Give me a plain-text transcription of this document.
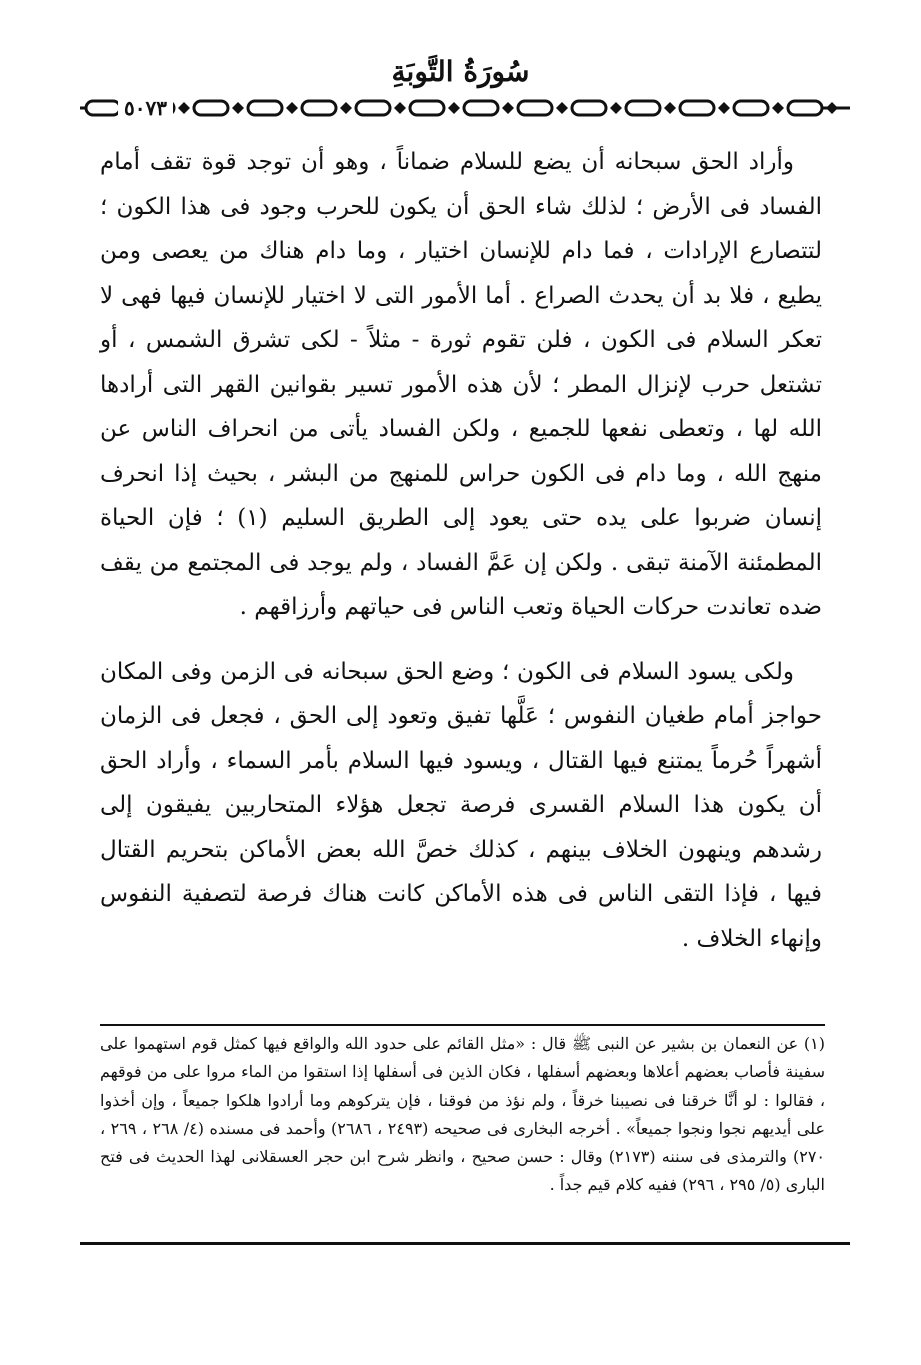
سُورَةُ التَّوبَةِ
٥٠٧٣

وأراد الحق سبحانه أن يضع للسلام ضماناً ، وهو أن توجد قوة تقف أمام الفساد فى الأرض ؛ لذلك شاء الحق أن يكون للحرب وجود فى هذا الكون ؛ لتتصارع الإرادات ، فما دام للإنسان اختيار ، وما دام هناك من يعصى ومن يطيع ، فلا بد أن يحدث الصراع . أما الأمور التى لا اختيار للإنسان فيها فهى لا تعكر السلام فى الكون ، فلن تقوم ثورة - مثلاً - لكى تشرق الشمس ، أو تشتعل حرب لإنزال المطر ؛ لأن هذه الأمور تسير بقوانين القهر التى أرادها الله لها ، وتعطى نفعها للجميع ، ولكن الفساد يأتى من انحراف الناس عن منهج الله ، وما دام فى الكون حراس للمنهج من البشر ، بحيث إذا انحرف إنسان ضربوا على يده حتى يعود إلى الطريق السليم (١) ؛ فإن الحياة المطمئنة الآمنة تبقى . ولكن إن عَمَّ الفساد ، ولم يوجد فى المجتمع من يقف ضده تعاندت حركات الحياة وتعب الناس فى حياتهم وأرزاقهم .

ولكى يسود السلام فى الكون ؛ وضع الحق سبحانه فى الزمن وفى المكان حواجز أمام طغيان النفوس ؛ عَلَّها تفيق وتعود إلى الحق ، فجعل فى الزمان أشهراً حُرماً يمتنع فيها القتال ، ويسود فيها السلام بأمر السماء ، وأراد الحق أن يكون هذا السلام القسرى فرصة تجعل هؤلاء المتحاربين يفيقون إلى رشدهم وينهون الخلاف بينهم ، كذلك خصَّ الله بعض الأماكن بتحريم القتال فيها ، فإذا التقى الناس فى هذه الأماكن كانت هناك فرصة لتصفية النفوس وإنهاء الخلاف .

(١) عن النعمان بن بشير عن النبى ﷺ قال : «مثل القائم على حدود الله والواقع فيها كمثل قوم استهموا على سفينة فأصاب بعضهم أعلاها وبعضهم أسفلها ، فكان الذين فى أسفلها إذا استقوا من الماء مروا على من فوقهم ، فقالوا : لو أنَّا خرقنا فى نصيبنا خرقاً ، ولم نؤذ من فوقنا ، فإن يتركوهم وما أرادوا هلكوا جميعاً ، وإن أخذوا على أيديهم نجوا ونجوا جميعاً» . أخرجه البخارى فى صحيحه (٢٤٩٣ ، ٢٦٨٦) وأحمد فى مسنده (٤/ ٢٦٨ ، ٢٦٩ ، ٢٧٠) والترمذى فى سننه (٢١٧٣) وقال : حسن صحيح ، وانظر شرح ابن حجر العسقلانى لهذا الحديث فى فتح البارى (٥/ ٢٩٥ ، ٢٩٦) ففيه كلام قيم جداً .
